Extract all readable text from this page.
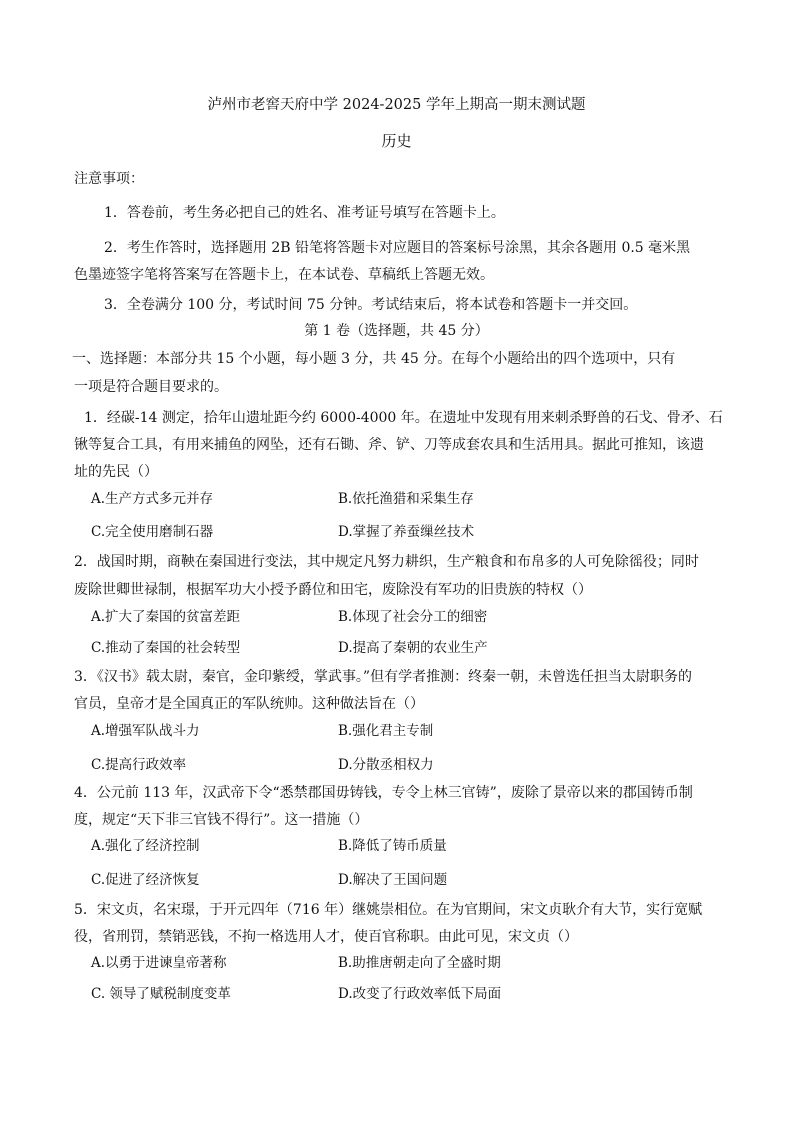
泸州市老窖天府中学 2024-2025 学年上期高一期末测试题
历史
注意事项：
1．答卷前，考生务必把自己的姓名、准考证号填写在答题卡上。
2．考生作答时，选择题用 2B 铅笔将答题卡对应题目的答案标号涂黑，其余各题用 0.5 毫米黑
色墨迹签字笔将答案写在答题卡上，在本试卷、草稿纸上答题无效。
3．全卷满分 100 分，考试时间 75 分钟。考试结束后，将本试卷和答题卡一并交回。
第 1 卷（选择题，共 45 分）
一、选择题：本部分共 15 个小题，每小题 3 分，共 45 分。在每个小题给出的四个选项中，只有
一项是符合题目要求的。
1．经碳-14 测定，拾年山遗址距今约 6000-4000 年。在遗址中发现有用来刺杀野兽的石戈、骨矛、石
锹等复合工具，有用来捕鱼的网坠，还有石锄、斧、铲、刀等成套农具和生活用具。据此可推知，该遗
址的先民（）
A.生产方式多元并存	B.依托渔猎和采集生存
C.完全使用磨制石器	D.掌握了养蚕缫丝技术
2．战国时期，商鞅在秦国进行变法，其中规定凡努力耕织，生产粮食和布帛多的人可免除徭役；同时
废除世卿世禄制，根据军功大小授予爵位和田宅，废除没有军功的旧贵族的特权（）
A.扩大了秦国的贫富差距	B.体现了社会分工的细密
C.推动了秦国的社会转型	D.提高了秦朝的农业生产
3．《汉书》载太尉，秦官，金印紫绶，掌武事。”但有学者推测：终秦一朝，未曾选任担当太尉职务的
官员，皇帝才是全国真正的军队统帅。这种做法旨在（）
A.增强军队战斗力	B.强化君主专制
C.提高行政效率	D.分散丞相权力
4．公元前 113 年，汉武帝下令“悉禁郡国毋铸钱，专令上林三官铸”，废除了景帝以来的郡国铸币制
度，规定“天下非三官钱不得行”。这一措施（）
A.强化了经济控制	B.降低了铸币质量
C.促进了经济恢复	D.解决了王国问题
5．宋文贞，名宋璟，于开元四年（716 年）继姚崇相位。在为官期间，宋文贞耿介有大节，实行宽赋
役，省刑罚，禁销恶钱，不拘一格选用人才，使百官称职。由此可见，宋文贞（）
A.以勇于进谏皇帝著称	B.助推唐朝走向了全盛时期
C. 领导了赋税制度变革	D.改变了行政效率低下局面
